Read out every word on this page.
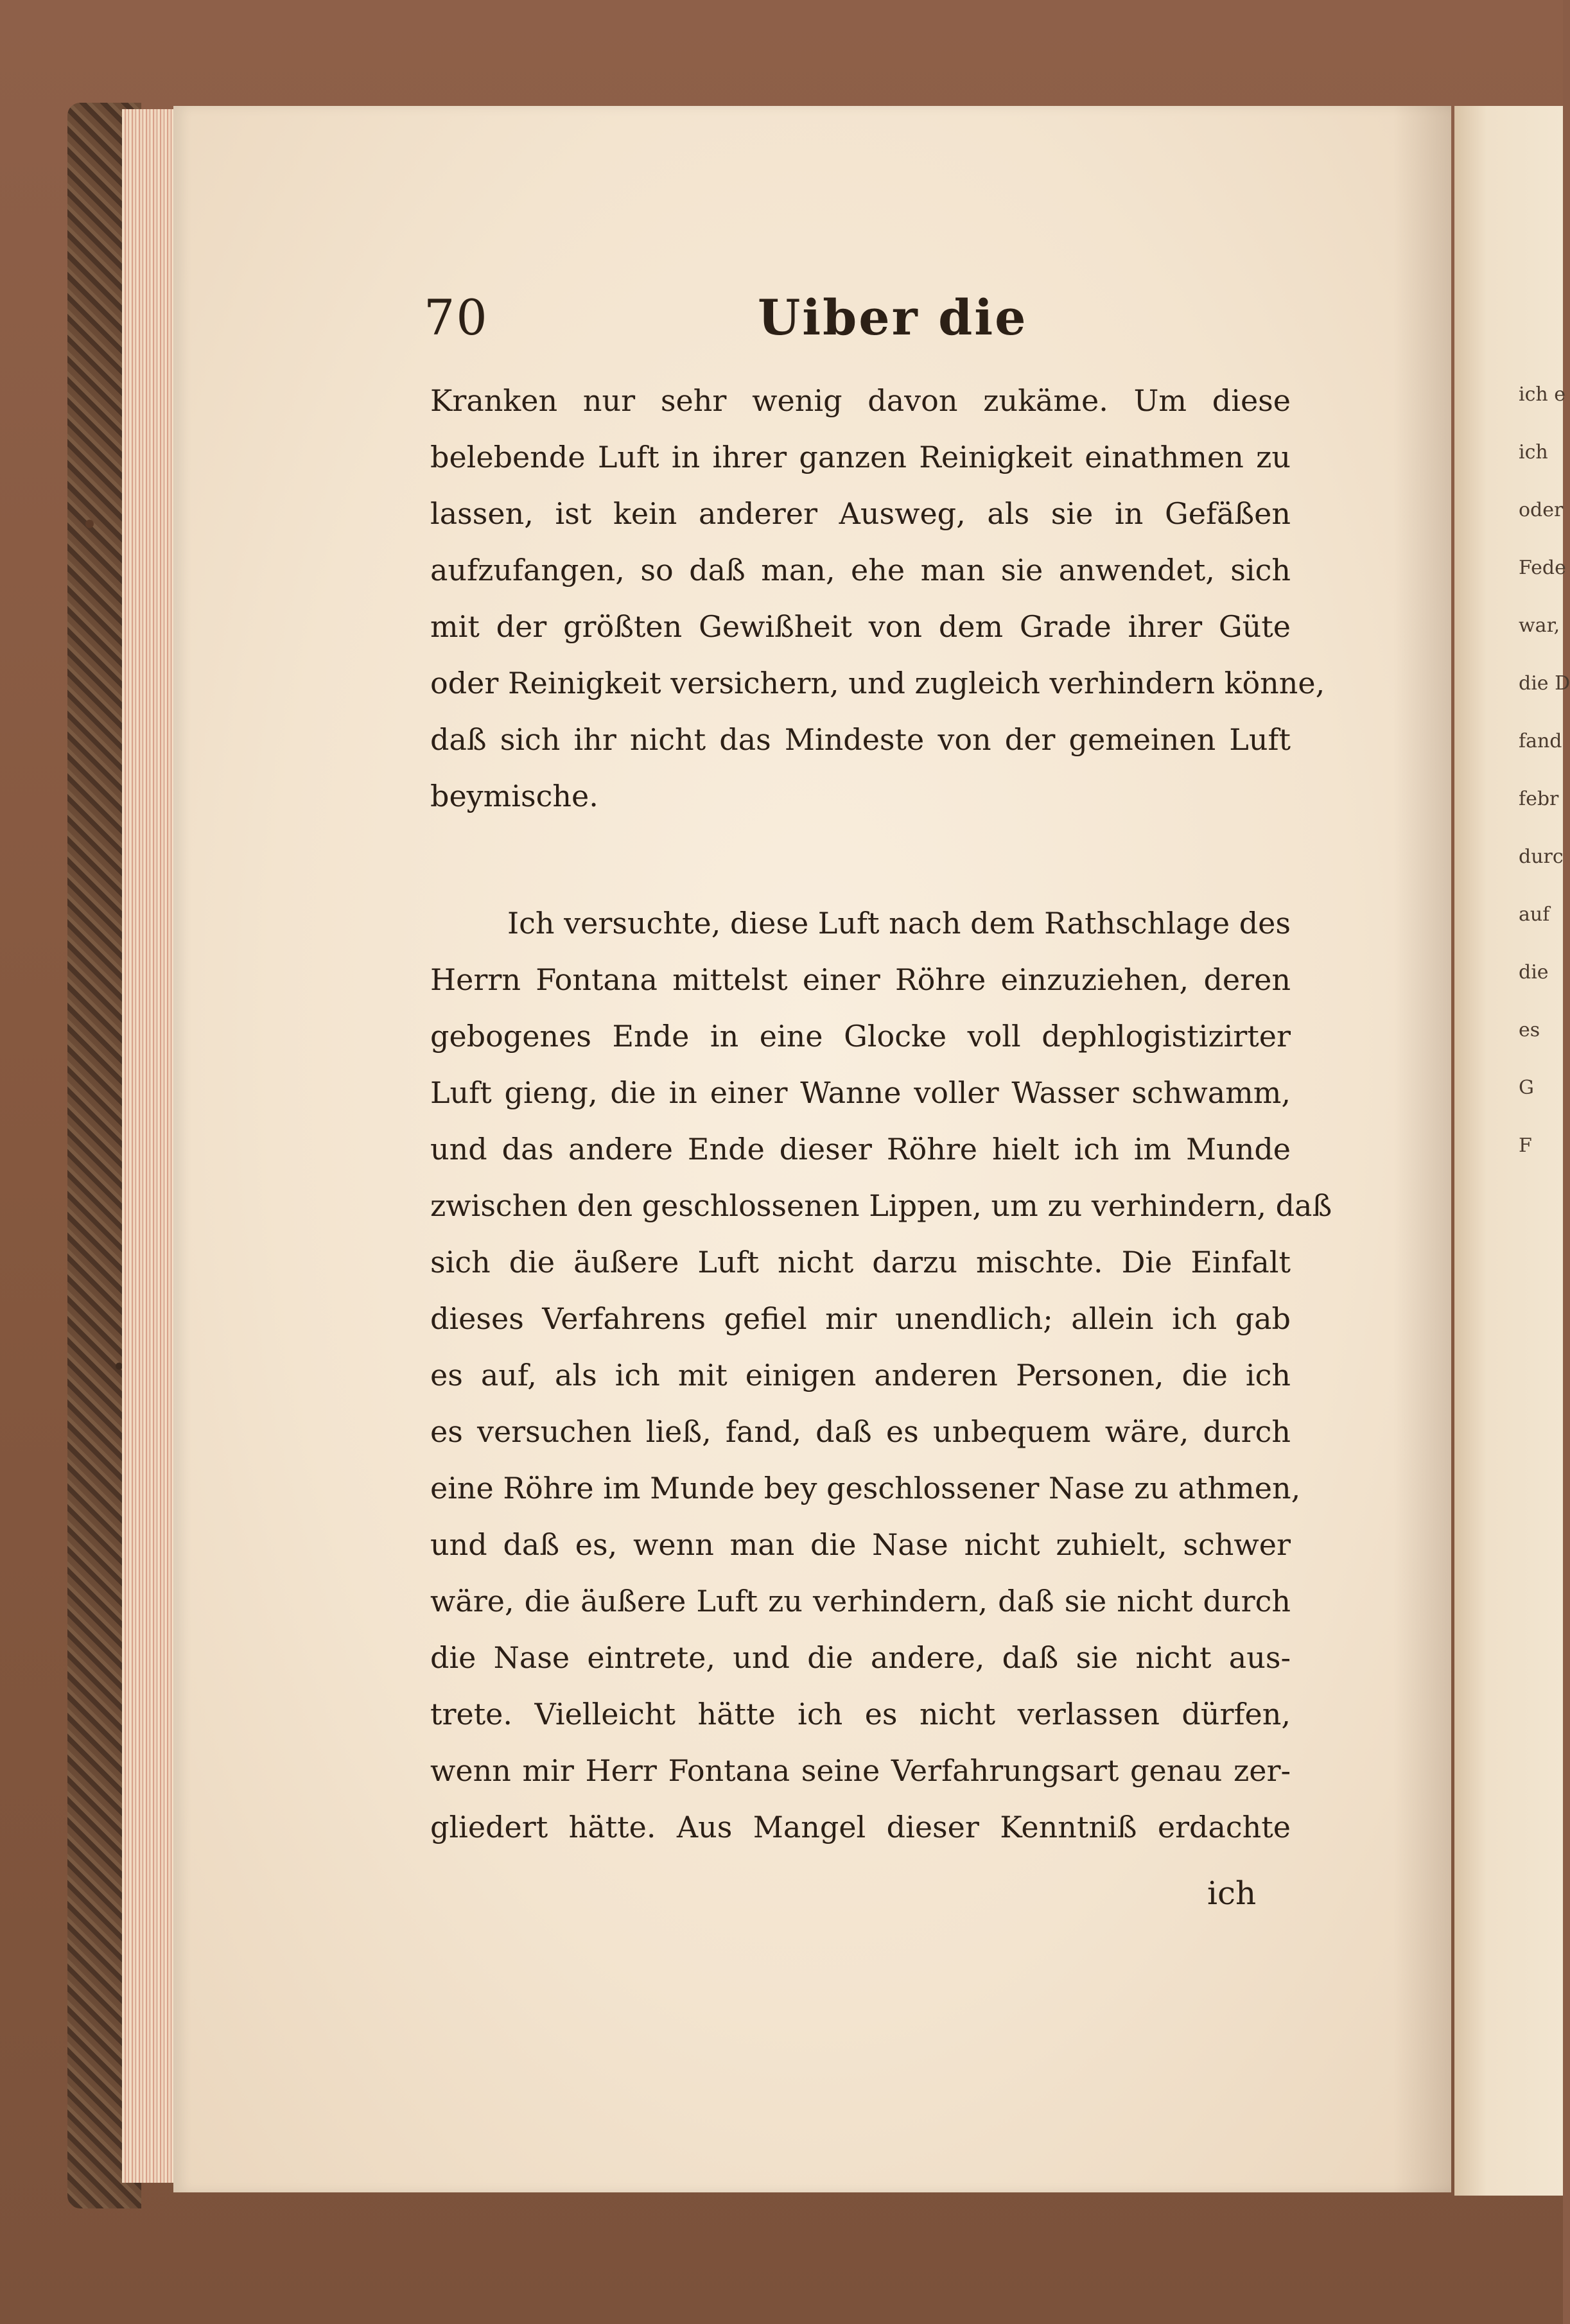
ich e
ich
oder
Fede
war,
die D
fand
febr
durc
auf
die
es
G
F
70	Uiber die
Kranken nur sehr wenig davon zukäme. Um diese
belebende Luft in ihrer ganzen Reinigkeit einathmen zu
lassen, ist kein anderer Ausweg, als sie in Gefäßen
aufzufangen, so daß man, ehe man sie anwendet, sich
mit der größten Gewißheit von dem Grade ihrer Güte
oder Reinigkeit versichern, und zugleich verhindern könne,
daß sich ihr nicht das Mindeste von der gemeinen Luft
beymische.
Ich versuchte, diese Luft nach dem Rathschlage des
Herrn Fontana mittelst einer Röhre einzuziehen, deren
gebogenes Ende in eine Glocke voll dephlogistizirter
Luft gieng, die in einer Wanne voller Wasser schwamm,
und das andere Ende dieser Röhre hielt ich im Munde
zwischen den geschlossenen Lippen, um zu verhindern, daß
sich die äußere Luft nicht darzu mischte. Die Einfalt
dieses Verfahrens gefiel mir unendlich; allein ich gab
es auf, als ich mit einigen anderen Personen, die ich
es versuchen ließ, fand, daß es unbequem wäre, durch
eine Röhre im Munde bey geschlossener Nase zu athmen,
und daß es, wenn man die Nase nicht zuhielt, schwer
wäre, die äußere Luft zu verhindern, daß sie nicht durch
die Nase eintrete, und die andere, daß sie nicht aus-
trete. Vielleicht hätte ich es nicht verlassen dürfen,
wenn mir Herr Fontana seine Verfahrungsart genau zer-
gliedert hätte. Aus Mangel dieser Kenntniß erdachte
ich
